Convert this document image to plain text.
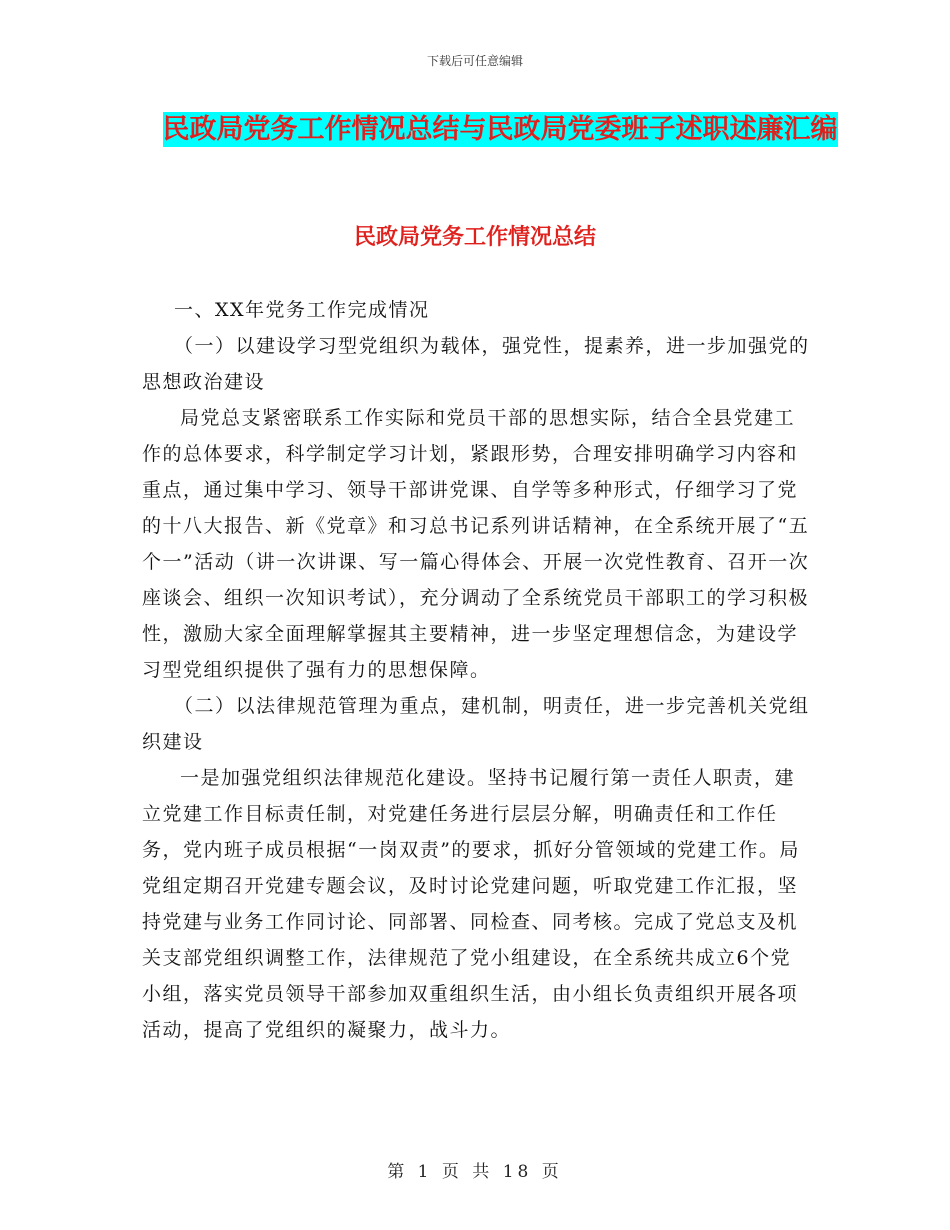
下载后可任意编辑
民政局党务工作情况总结与民政局党委班子述职述廉汇编
民政局党务工作情况总结

一、XX年党务工作完成情况

（一）以建设学习型党组织为载体，强党性，提素养，进一步加强党的思想政治建设

局党总支紧密联系工作实际和党员干部的思想实际，结合全县党建工作的总体要求，科学制定学习计划，紧跟形势，合理安排明确学习内容和重点，通过集中学习、领导干部讲党课、自学等多种形式，仔细学习了党的十八大报告、新《党章》和习总书记系列讲话精神，在全系统开展了“五个一”活动（讲一次讲课、写一篇心得体会、开展一次党性教育、召开一次座谈会、组织一次知识考试），充分调动了全系统党员干部职工的学习积极性，激励大家全面理解掌握其主要精神，进一步坚定理想信念，为建设学习型党组织提供了强有力的思想保障。

（二）以法律规范管理为重点，建机制，明责任，进一步完善机关党组织建设

一是加强党组织法律规范化建设。坚持书记履行第一责任人职责，建立党建工作目标责任制，对党建任务进行层层分解，明确责任和工作任务，党内班子成员根据“一岗双责”的要求，抓好分管领域的党建工作。局党组定期召开党建专题会议，及时讨论党建问题，听取党建工作汇报，坚持党建与业务工作同讨论、同部署、同检查、同考核。完成了党总支及机关支部党组织调整工作，法律规范了党小组建设，在全系统共成立6个党小组，落实党员领导干部参加双重组织生活，由小组长负责组织开展各项活动，提高了党组织的凝聚力，战斗力。

第 1 页 共 18 页
